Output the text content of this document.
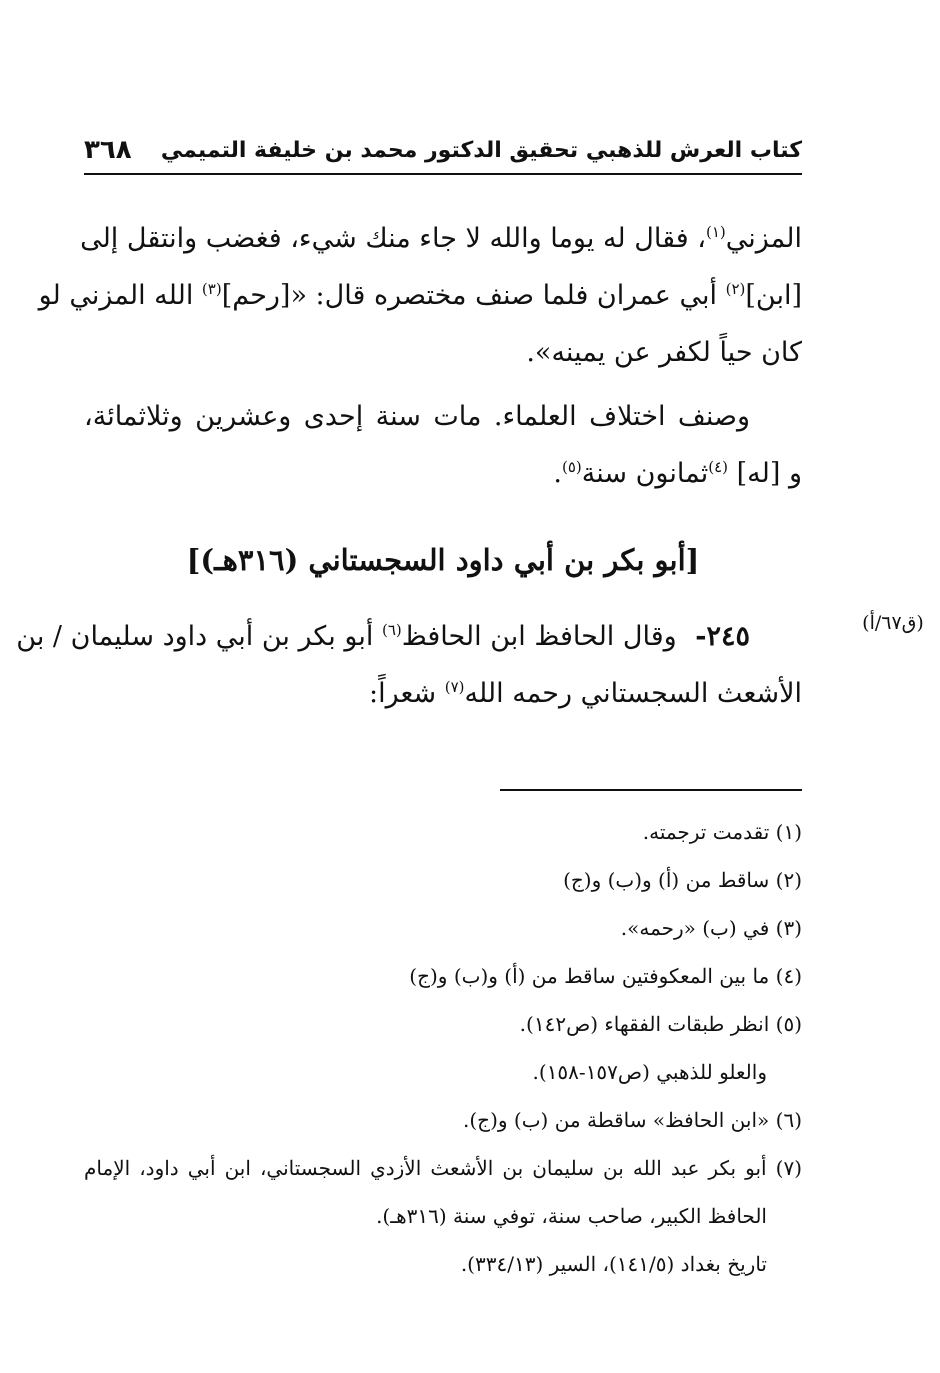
كتاب العرش للذهبي تحقيق الدكتور محمد بن خليفة التميمي
٣٦٨
المزني$^{(١)}$، فقال له يوما والله لا جاء منك شيء، فغضب وانتقل إلى
[ابن]$^{(٢)}$ أبي عمران فلما صنف مختصره قال: «[رحم]$^{(٣)}$ الله المزني لو
كان حياً لكفر عن يمينه».
وصنف اختلاف العلماء. مات سنة إحدى وعشرين وثلاثمائة،
و [له] $^{(٤)}$ثمانون سنة$^{(٥)}$.
[أبو بكر بن أبي داود السجستاني (٣١٦هـ)]
٢٤٥- وقال الحافظ ابن الحافظ$^{(٦)}$ أبو بكر بن أبي داود سليمان / بن
الأشعث السجستاني رحمه الله$^{(٧)}$ شعراً:
(ق٦٧/أ)
(١) تقدمت ترجمته.
(٢) ساقط من (أ) و(ب) و(ج)
(٣) في (ب) «رحمه».
(٤) ما بين المعكوفتين ساقط من (أ) و(ب) و(ج)
(٥) انظر طبقات الفقهاء (ص١٤٢).
والعلو للذهبي (ص١٥٧-١٥٨).
(٦) «ابن الحافظ» ساقطة من (ب) و(ج).
(٧) أبو بكر عبد الله بن سليمان بن الأشعث الأزدي السجستاني، ابن أبي داود، الإمام
الحافظ الكبير، صاحب سنة، توفي سنة (٣١٦هـ).
تاريخ بغداد (١٤١/٥)، السير (٣٣٤/١٣).
